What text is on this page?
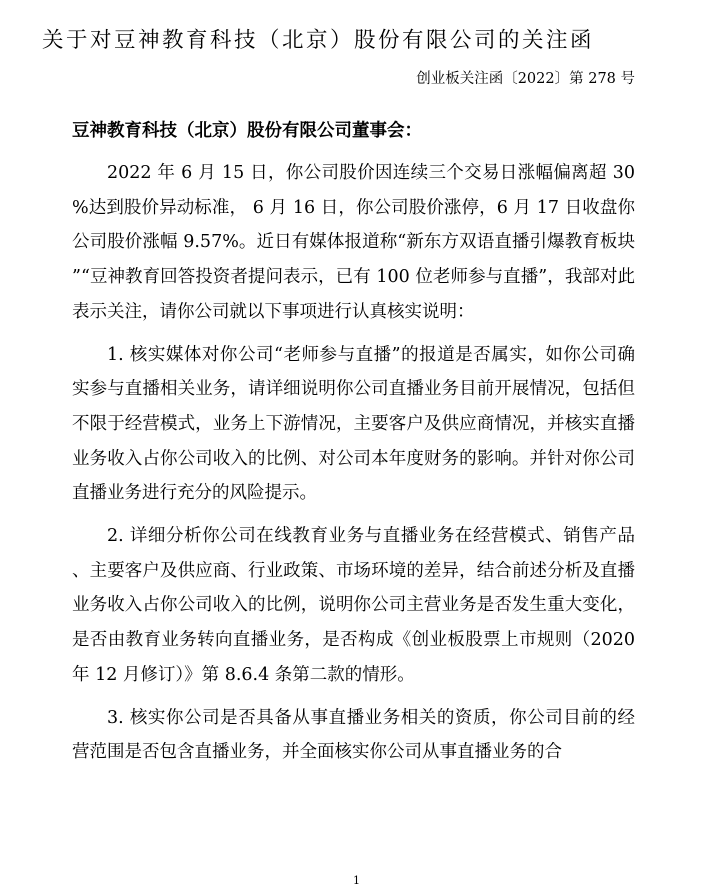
关于对豆神教育科技（北京）股份有限公司的关注函
创业板关注函〔2022〕第 278 号
豆神教育科技（北京）股份有限公司董事会：

2022 年 6 月 15 日，你公司股价因连续三个交易日涨幅偏离超 30%达到股价异动标准， 6 月 16 日，你公司股价涨停，6 月 17 日收盘你公司股价涨幅 9.57%。近日有媒体报道称“新东方双语直播引爆教育板块”“豆神教育回答投资者提问表示，已有 100 位老师参与直播”，我部对此表示关注，请你公司就以下事项进行认真核实说明：

1. 核实媒体对你公司“老师参与直播”的报道是否属实，如你公司确实参与直播相关业务，请详细说明你公司直播业务目前开展情况，包括但不限于经营模式，业务上下游情况，主要客户及供应商情况，并核实直播业务收入占你公司收入的比例、对公司本年度财务的影响。并针对你公司直播业务进行充分的风险提示。

2. 详细分析你公司在线教育业务与直播业务在经营模式、销售产品、主要客户及供应商、行业政策、市场环境的差异，结合前述分析及直播业务收入占你公司收入的比例，说明你公司主营业务是否发生重大变化，是否由教育业务转向直播业务，是否构成《创业板股票上市规则（2020 年 12 月修订）》第 8.6.4 条第二款的情形。

3. 核实你公司是否具备从事直播业务相关的资质，你公司目前的经营范围是否包含直播业务，并全面核实你公司从事直播业务的合

1
